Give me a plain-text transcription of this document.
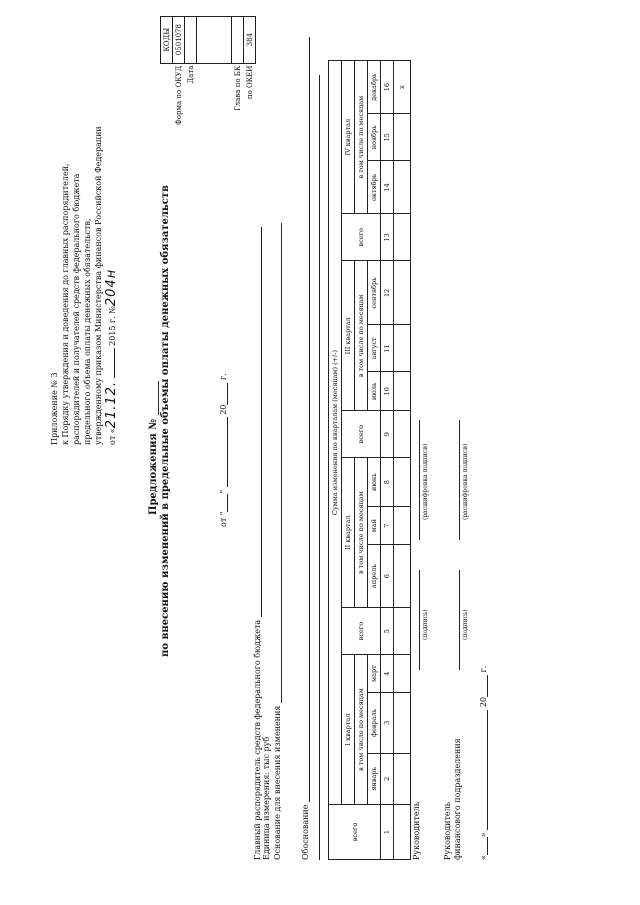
Приложение № 3 к Порядку утверждения и доведения до главных распорядителей, распорядителей и получателей средств федерального бюджета предельного объема оплаты денежных обязательств, утвержденному приказом Министерства финансов Российской Федерации от «21.12.  2015 г. №204н
	КОДЫ
Форма по ОКУД	0501078
Дата	

Глава по БК	
по ОКЕИ	384
Предложения № по внесению изменений в предельные объемы оплаты денежных обязательств	от ""  20 г.
Главный распорядитель средств федерального бюджета Единица измерения: тыс руб Основание для внесения изменения Обоснование	всего	Сумма изменения по кварталам (месяцам) (+/-)														
	I квартал			всего	II квартал			всего	III квартал			всего	IV квартал		
	в том числе по месяцам				в том числе по месяцам				в том числе по месяцам				в том числе по месяцам		
	январь	февраль	март		апрель	май	июнь		июль	август	сентябрь		октябрь	ноябрь	декабрь
1	2	3	4	5	6	7	8	9	10	11	12	13	14	15	16
															x
Руководитель
(подпись)
(расшифровка подписи)
Руководитель финансового подразделения
(подпись)
(расшифровка подписи)
«»  20 г.
